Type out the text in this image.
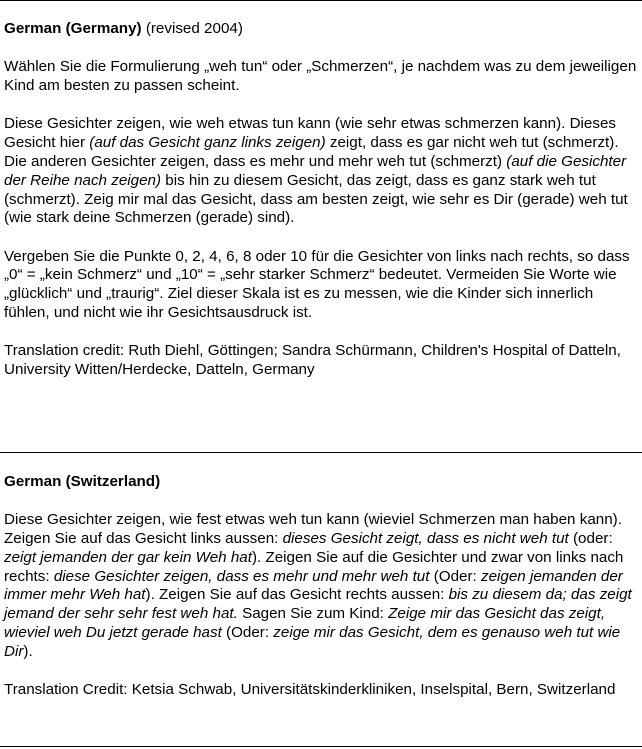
German (Germany) (revised 2004)

Wählen Sie die Formulierung „weh tun“ oder „Schmerzen“, je nachdem was zu dem jeweiligen Kind am besten zu passen scheint.

Diese Gesichter zeigen, wie weh etwas tun kann (wie sehr etwas schmerzen kann). Dieses Gesicht hier (auf das Gesicht ganz links zeigen) zeigt, dass es gar nicht weh tut (schmerzt). Die anderen Gesichter zeigen, dass es mehr und mehr weh tut (schmerzt) (auf die Gesichter der Reihe nach zeigen) bis hin zu diesem Gesicht, das zeigt, dass es ganz stark weh tut (schmerzt). Zeig mir mal das Gesicht, dass am besten zeigt, wie sehr es Dir (gerade) weh tut (wie stark deine Schmerzen (gerade) sind).

Vergeben Sie die Punkte 0, 2, 4, 6, 8 oder 10 für die Gesichter von links nach rechts, so dass „0“ = „kein Schmerz“ und „10“ = „sehr starker Schmerz“ bedeutet. Vermeiden Sie Worte wie „glücklich“ und „traurig“. Ziel dieser Skala ist es zu messen, wie die Kinder sich innerlich fühlen, und nicht wie ihr Gesichtsausdruck ist.

Translation credit: Ruth Diehl, Göttingen; Sandra Schürmann, Children's Hospital of Datteln, University Witten/Herdecke, Datteln, Germany

German (Switzerland)

Diese Gesichter zeigen, wie fest etwas weh tun kann (wieviel Schmerzen man haben kann). Zeigen Sie auf das Gesicht links aussen: dieses Gesicht zeigt, dass es nicht weh tut (oder: zeigt jemanden der gar kein Weh hat). Zeigen Sie auf die Gesichter und zwar von links nach rechts: diese Gesichter zeigen, dass es mehr und mehr weh tut (Oder: zeigen jemanden der immer mehr Weh hat). Zeigen Sie auf das Gesicht rechts aussen: bis zu diesem da; das zeigt jemand der sehr sehr fest weh hat. Sagen Sie zum Kind: Zeige mir das Gesicht das zeigt, wieviel weh Du jetzt gerade hast (Oder: zeige mir das Gesicht, dem es genauso weh tut wie Dir).

Translation Credit: Ketsia Schwab, Universitätskinderkliniken, Inselspital, Bern, Switzerland
